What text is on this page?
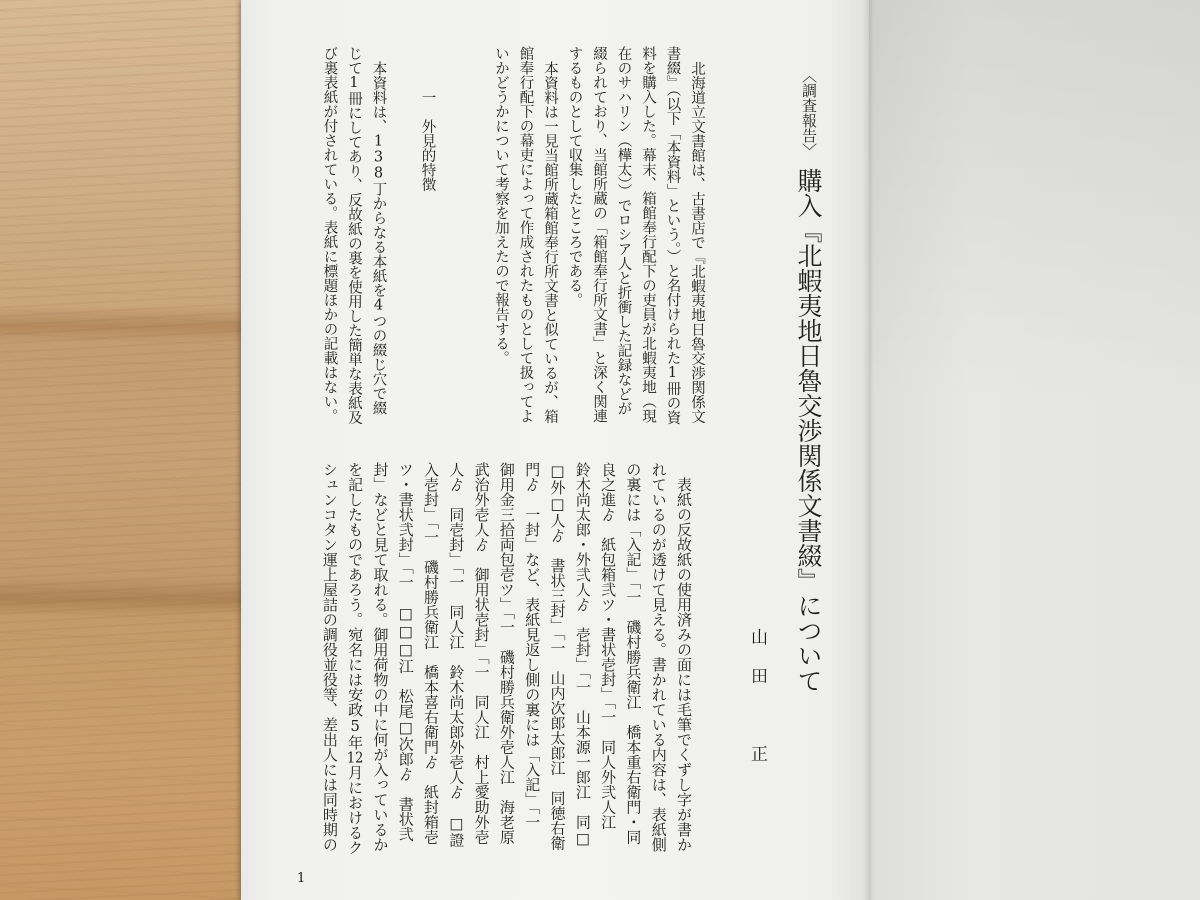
〈調査報告〉
購入『北蝦夷地日魯交渉関係文書綴』について
山田　正

北海道立文書館は、古書店で『北蝦夷地日魯交渉関係文

書綴』（以下「本資料」という。）と名付けられた1冊の資

料を購入した。幕末、箱館奉行配下の吏員が北蝦夷地（現

在のサハリン（樺太））でロシア人と折衝した記録などが

綴られており、当館所蔵の「箱館奉行所文書」と深く関連

するものとして収集したところである。

本資料は一見当館所蔵箱館奉行所文書と似ているが、箱

館奉行配下の幕吏によって作成されたものとして扱ってよ

いかどうかについて考察を加えたので報告する。

一　外見的特徴

本資料は、138丁からなる本紙を4つの綴じ穴で綴

じて1冊にしてあり、反故紙の裏を使用した簡単な表紙及

び裏表紙が付されている。表紙に標題ほかの記載はない。

表紙の反故紙の使用済みの面には毛筆でくずし字が書か

れているのが透けて見える。書かれている内容は、表紙側

の裏には「入記」「一　磯村勝兵衛江　橋本重右衛門・同

良之進ゟ　紙包箱弐ツ・書状壱封」「一　同人外弐人江

鈴木尚太郎・外弐人ゟ　壱封」「一　山本源一郎江　同□

□外□人ゟ　書状三封」「一　山内次郎太郎江　同徳右衛

門ゟ　一封」など、表紙見返し側の裏には「入記」「一

御用金三拾両包壱ツ」「一　磯村勝兵衛外壱人江　海老原

武治外壱人ゟ　御用状壱封」「一　同人江　村上愛助外壱

人ゟ　同壱封」「一　同人江　鈴木尚太郎外壱人ゟ　□證

入壱封」「一　磯村勝兵衛江　橋本喜右衛門ゟ　紙封箱壱

ツ・書状弐封」「一　□□□江　松尾□次郎ゟ　書状弐

封」などと見て取れる。御用荷物の中に何が入っているか

を記したものであろう。宛名には安政5年12月におけるク

シュンコタン運上屋詰の調役並役等、差出人には同時期の

1
